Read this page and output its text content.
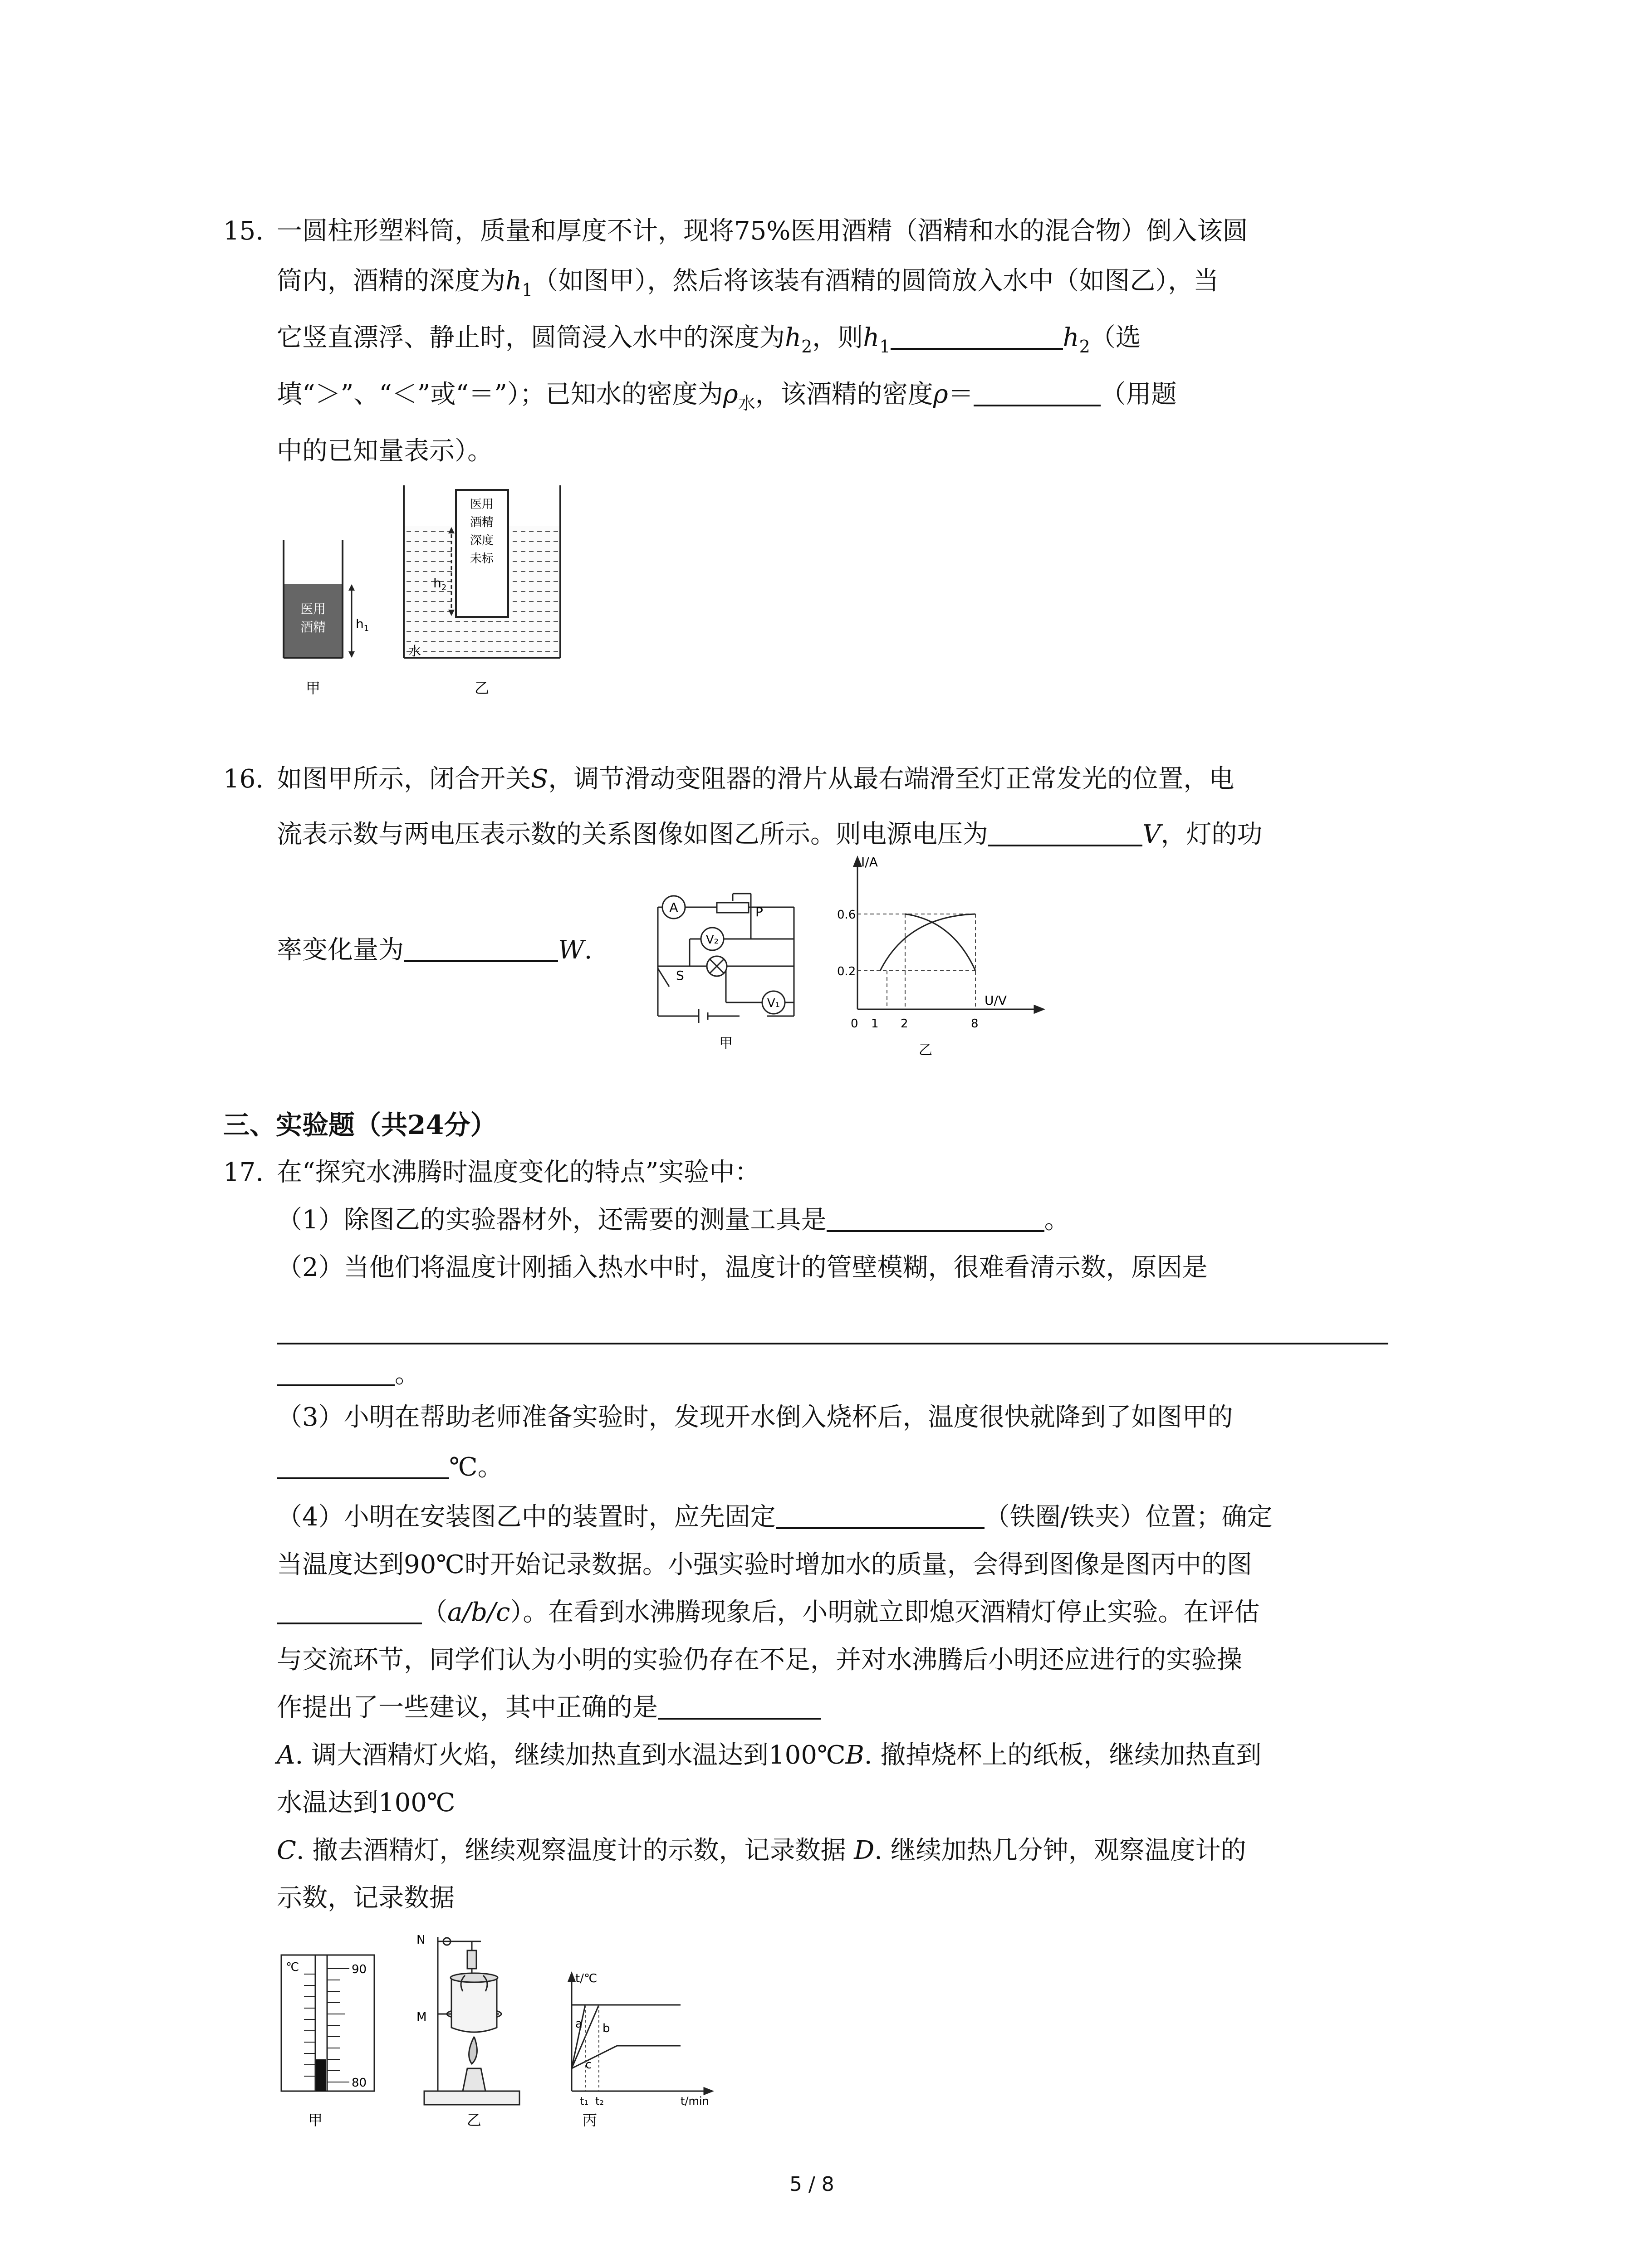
15. 一圆柱形塑料筒，质量和厚度不计，现将75%医用酒精（酒精和水的混合物）倒入该圆
筒内，酒精的深度为$h_1$（如图甲），然后将该装有酒精的圆筒放入水中（如图乙），当
它竖直漂浮、静止时，圆筒浸入水中的深度为$h_2$，则$h_1$	$h_2$（选
填“＞”、“＜”或“＝”）；已知水的密度为$\rho_水$，该酒精的密度ρ＝	（用题
中的已知量表示）。
医用
酒精 $h_1$
甲
医用
酒精
深度
未标
$h_2$
水
乙
16. 如图甲所示，闭合开关S，调节滑动变阻器的滑片从最右端滑至灯正常发光的位置，电
流表示数与两电压表示数的关系图像如图乙所示。则电源电压为	V，灯的功
率变化量为	W.
A
V₂
V₁
S
P
甲
I/A
U/V
0.6
0.2
0 1 2	8
乙
三、实验题（共24分）
17. 在“探究水沸腾时温度变化的特点”实验中：
（1）除图乙的实验器材外，还需要的测量工具是	。
（2）当他们将温度计刚插入热水中时，温度计的管壁模糊，很难看清示数，原因是
。
（3）小明在帮助老师准备实验时，发现开水倒入烧杯后，温度很快就降到了如图甲的
℃。
（4）小明在安装图乙中的装置时，应先固定	（铁圈/铁夹）位置；确定
当温度达到90℃时开始记录数据。小强实验时增加水的质量，会得到图像是图丙中的图
（a/b/c）。在看到水沸腾现象后，小明就立即熄灭酒精灯停止实验。在评估
与交流环节，同学们认为小明的实验仍存在不足，并对水沸腾后小明还应进行的实验操
作提出了一些建议，其中正确的是
A. 调大酒精灯火焰，继续加热直到水温达到100℃B. 撤掉烧杯上的纸板，继续加热直到
水温达到100℃
C. 撤去酒精灯，继续观察温度计的示数，记录数据 D. 继续加热几分钟，观察温度计的
示数，记录数据
℃	90
80
甲
N
M
乙
t/℃
a b
c
t₁ t₂	t/min
丙
5 / 8
